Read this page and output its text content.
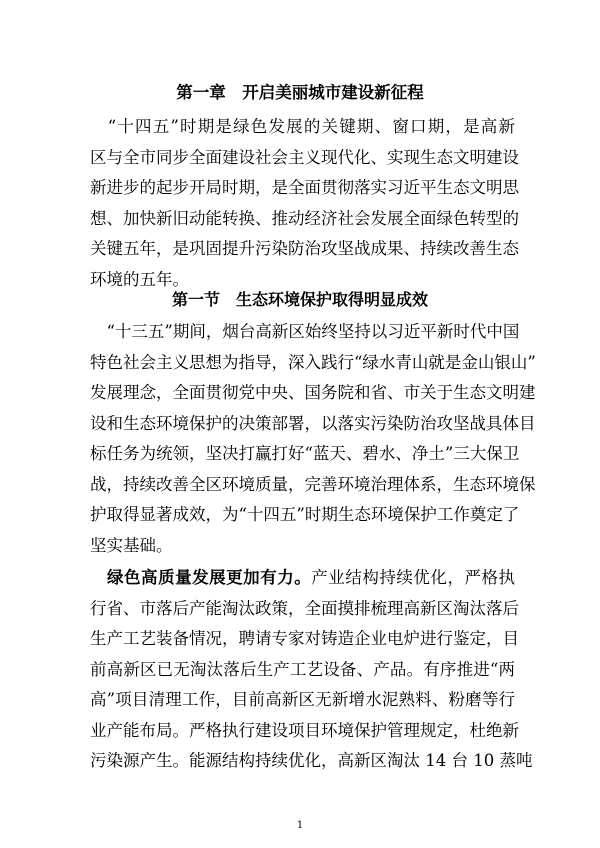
第一章　开启美丽城市建设新征程
　“十四五”时期是绿色发展的关键期、窗口期，是高新
区与全市同步全面建设社会主义现代化、实现生态文明建设
新进步的起步开局时期，是全面贯彻落实习近平生态文明思
想、加快新旧动能转换、推动经济社会发展全面绿色转型的
关键五年，是巩固提升污染防治攻坚战成果、持续改善生态
环境的五年。
第一节　生态环境保护取得明显成效
　“十三五”期间，烟台高新区始终坚持以习近平新时代中国
特色社会主义思想为指导，深入践行“绿水青山就是金山银山”
发展理念，全面贯彻党中央、国务院和省、市关于生态文明建
设和生态环境保护的决策部署，以落实污染防治攻坚战具体目
标任务为统领，坚决打赢打好“蓝天、碧水、净土”三大保卫
战，持续改善全区环境质量，完善环境治理体系，生态环境保
护取得显著成效，为“十四五”时期生态环境保护工作奠定了
坚实基础。
　绿色高质量发展更加有力。产业结构持续优化，严格执
行省、市落后产能淘汰政策，全面摸排梳理高新区淘汰落后
生产工艺装备情况，聘请专家对铸造企业电炉进行鉴定，目
前高新区已无淘汰落后生产工艺设备、产品。有序推进“两
高”项目清理工作，目前高新区无新增水泥熟料、粉磨等行
业产能布局。严格执行建设项目环境保护管理规定，杜绝新
污染源产生。能源结构持续优化，高新区淘汰 14 台 10 蒸吨
1
